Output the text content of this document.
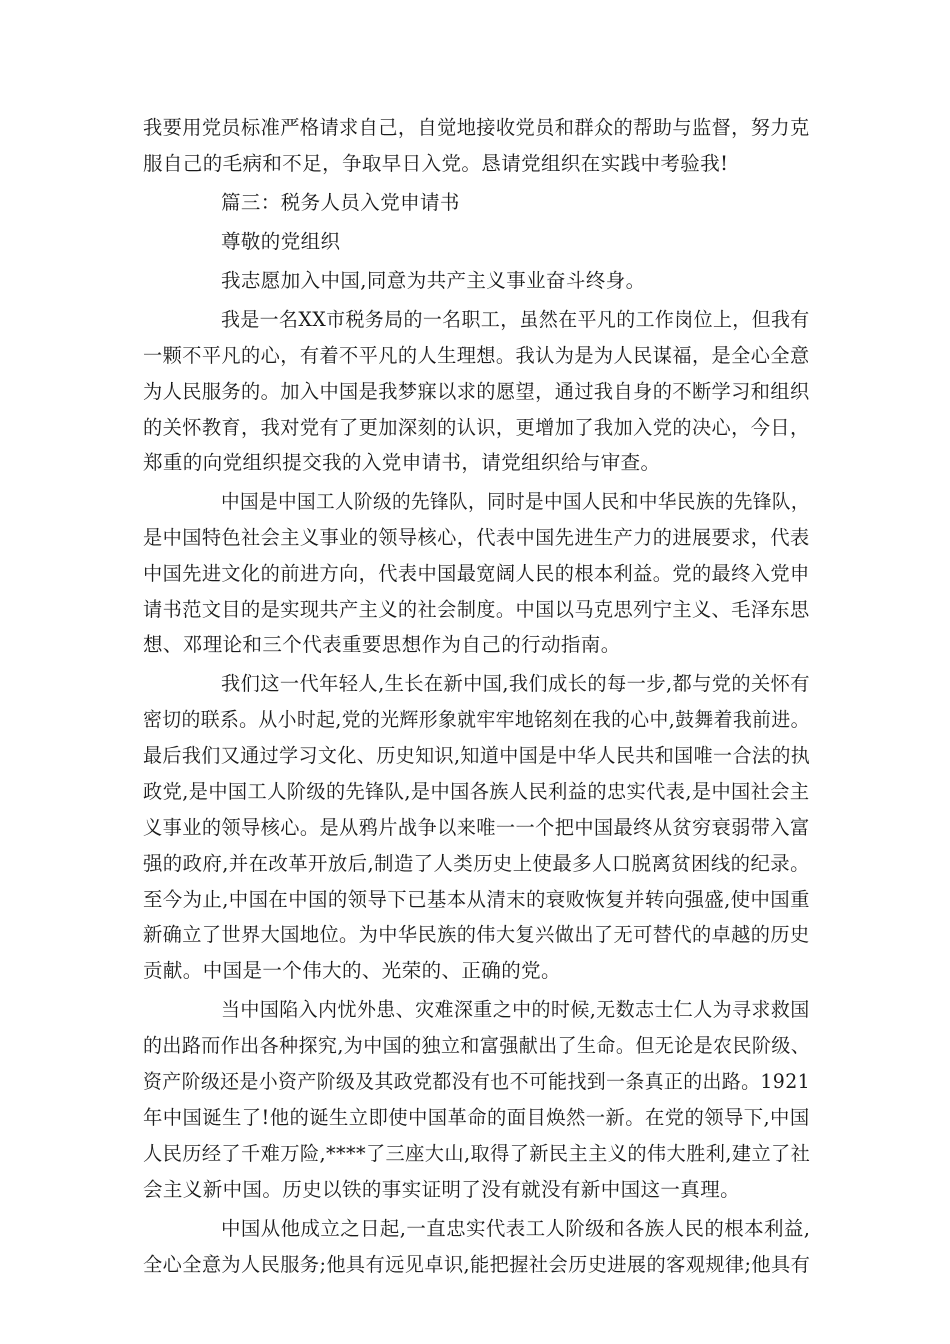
我要用党员标准严格请求自己，自觉地接收党员和群众的帮助与监督，努力克

服自己的毛病和不足，争取早日入党。恳请党组织在实践中考验我!

篇三：税务人员入党申请书

尊敬的党组织

我志愿加入中国,同意为共产主义事业奋斗终身。

我是一名XX市税务局的一名职工，虽然在平凡的工作岗位上，但我有

一颗不平凡的心，有着不平凡的人生理想。我认为是为人民谋福，是全心全意

为人民服务的。加入中国是我梦寐以求的愿望，通过我自身的不断学习和组织

的关怀教育，我对党有了更加深刻的认识，更增加了我加入党的决心，今日，

郑重的向党组织提交我的入党申请书，请党组织给与审查。

中国是中国工人阶级的先锋队，同时是中国人民和中华民族的先锋队，

是中国特色社会主义事业的领导核心，代表中国先进生产力的进展要求，代表

中国先进文化的前进方向，代表中国最宽阔人民的根本利益。党的最终入党申

请书范文目的是实现共产主义的社会制度。中国以马克思列宁主义、毛泽东思

想、邓理论和三个代表重要思想作为自己的行动指南。

我们这一代年轻人,生长在新中国,我们成长的每一步,都与党的关怀有

密切的联系。从小时起,党的光辉形象就牢牢地铭刻在我的心中,鼓舞着我前进。

最后我们又通过学习文化、历史知识,知道中国是中华人民共和国唯一合法的执

政党,是中国工人阶级的先锋队,是中国各族人民利益的忠实代表,是中国社会主

义事业的领导核心。是从鸦片战争以来唯一一个把中国最终从贫穷衰弱带入富

强的政府,并在改革开放后,制造了人类历史上使最多人口脱离贫困线的纪录。

至今为止,中国在中国的领导下已基本从清末的衰败恢复并转向强盛,使中国重

新确立了世界大国地位。为中华民族的伟大复兴做出了无可替代的卓越的历史

贡献。中国是一个伟大的、光荣的、正确的党。

当中国陷入内忧外患、灾难深重之中的时候,无数志士仁人为寻求救国

的出路而作出各种探究,为中国的独立和富强献出了生命。但无论是农民阶级、

资产阶级还是小资产阶级及其政党都没有也不可能找到一条真正的出路。1921

年中国诞生了!他的诞生立即使中国革命的面目焕然一新。在党的领导下,中国

人民历经了千难万险,****了三座大山,取得了新民主主义的伟大胜利,建立了社

会主义新中国。历史以铁的事实证明了没有就没有新中国这一真理。

中国从他成立之日起,一直忠实代表工人阶级和各族人民的根本利益,

全心全意为人民服务;他具有远见卓识,能把握社会历史进展的客观规律;他具有
